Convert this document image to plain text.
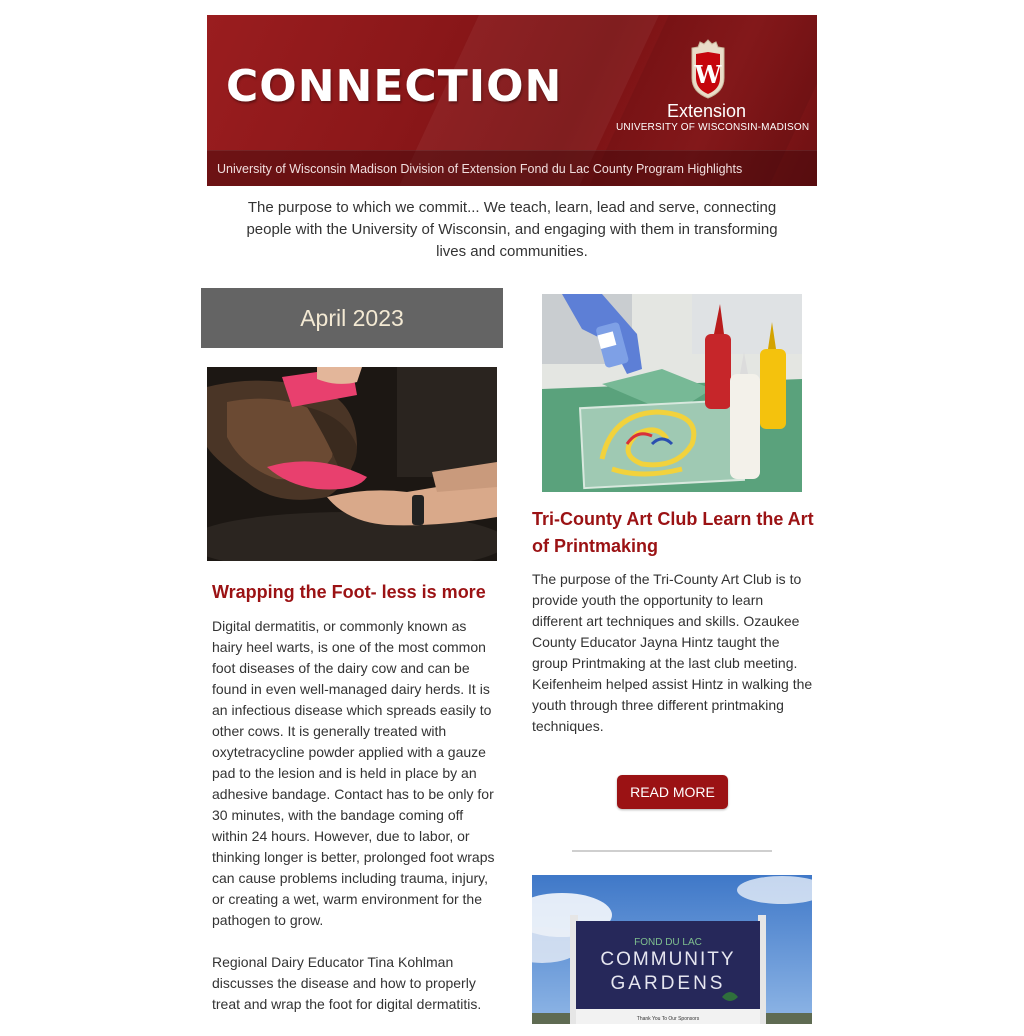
CONNECTION	W
Extension
UNIVERSITY OF WISCONSIN-MADISON
University of Wisconsin Madison Division of Extension Fond du Lac County Program Highlights
The purpose to which we commit... We teach, learn, lead and serve, connecting people with the University of Wisconsin, and engaging with them in transforming lives and communities.
April 2023
Wrapping the Foot- less is more

Digital dermatitis, or commonly known as hairy heel warts, is one of the most common foot diseases of the dairy cow and can be found in even well-managed dairy herds. It is an infectious disease which spreads easily to other cows. It is generally treated with oxytetracycline powder applied with a gauze pad to the lesion and is held in place by an adhesive bandage. Contact has to be only for 30 minutes, with the bandage coming off within 24 hours. However, due to labor, or thinking longer is better, prolonged foot wraps can cause problems including trauma, injury, or creating a wet, warm environment for the pathogen to grow.

Regional Dairy Educator Tina Kohlman discusses the disease and how to properly treat and wrap the foot for digital dermatitis.

Tri-County Art Club Learn the Art of Printmaking
The purpose of the Tri-County Art Club is to provide youth the opportunity to learn different art techniques and skills. Ozaukee County Educator Jayna Hintz taught the group Printmaking at the last club meeting. Keifenheim helped assist Hintz in walking the youth through three different printmaking techniques.
READ MORE
FOND DU LAC
COMMUNITY
GARDENS
Thank You To Our Sponsors
